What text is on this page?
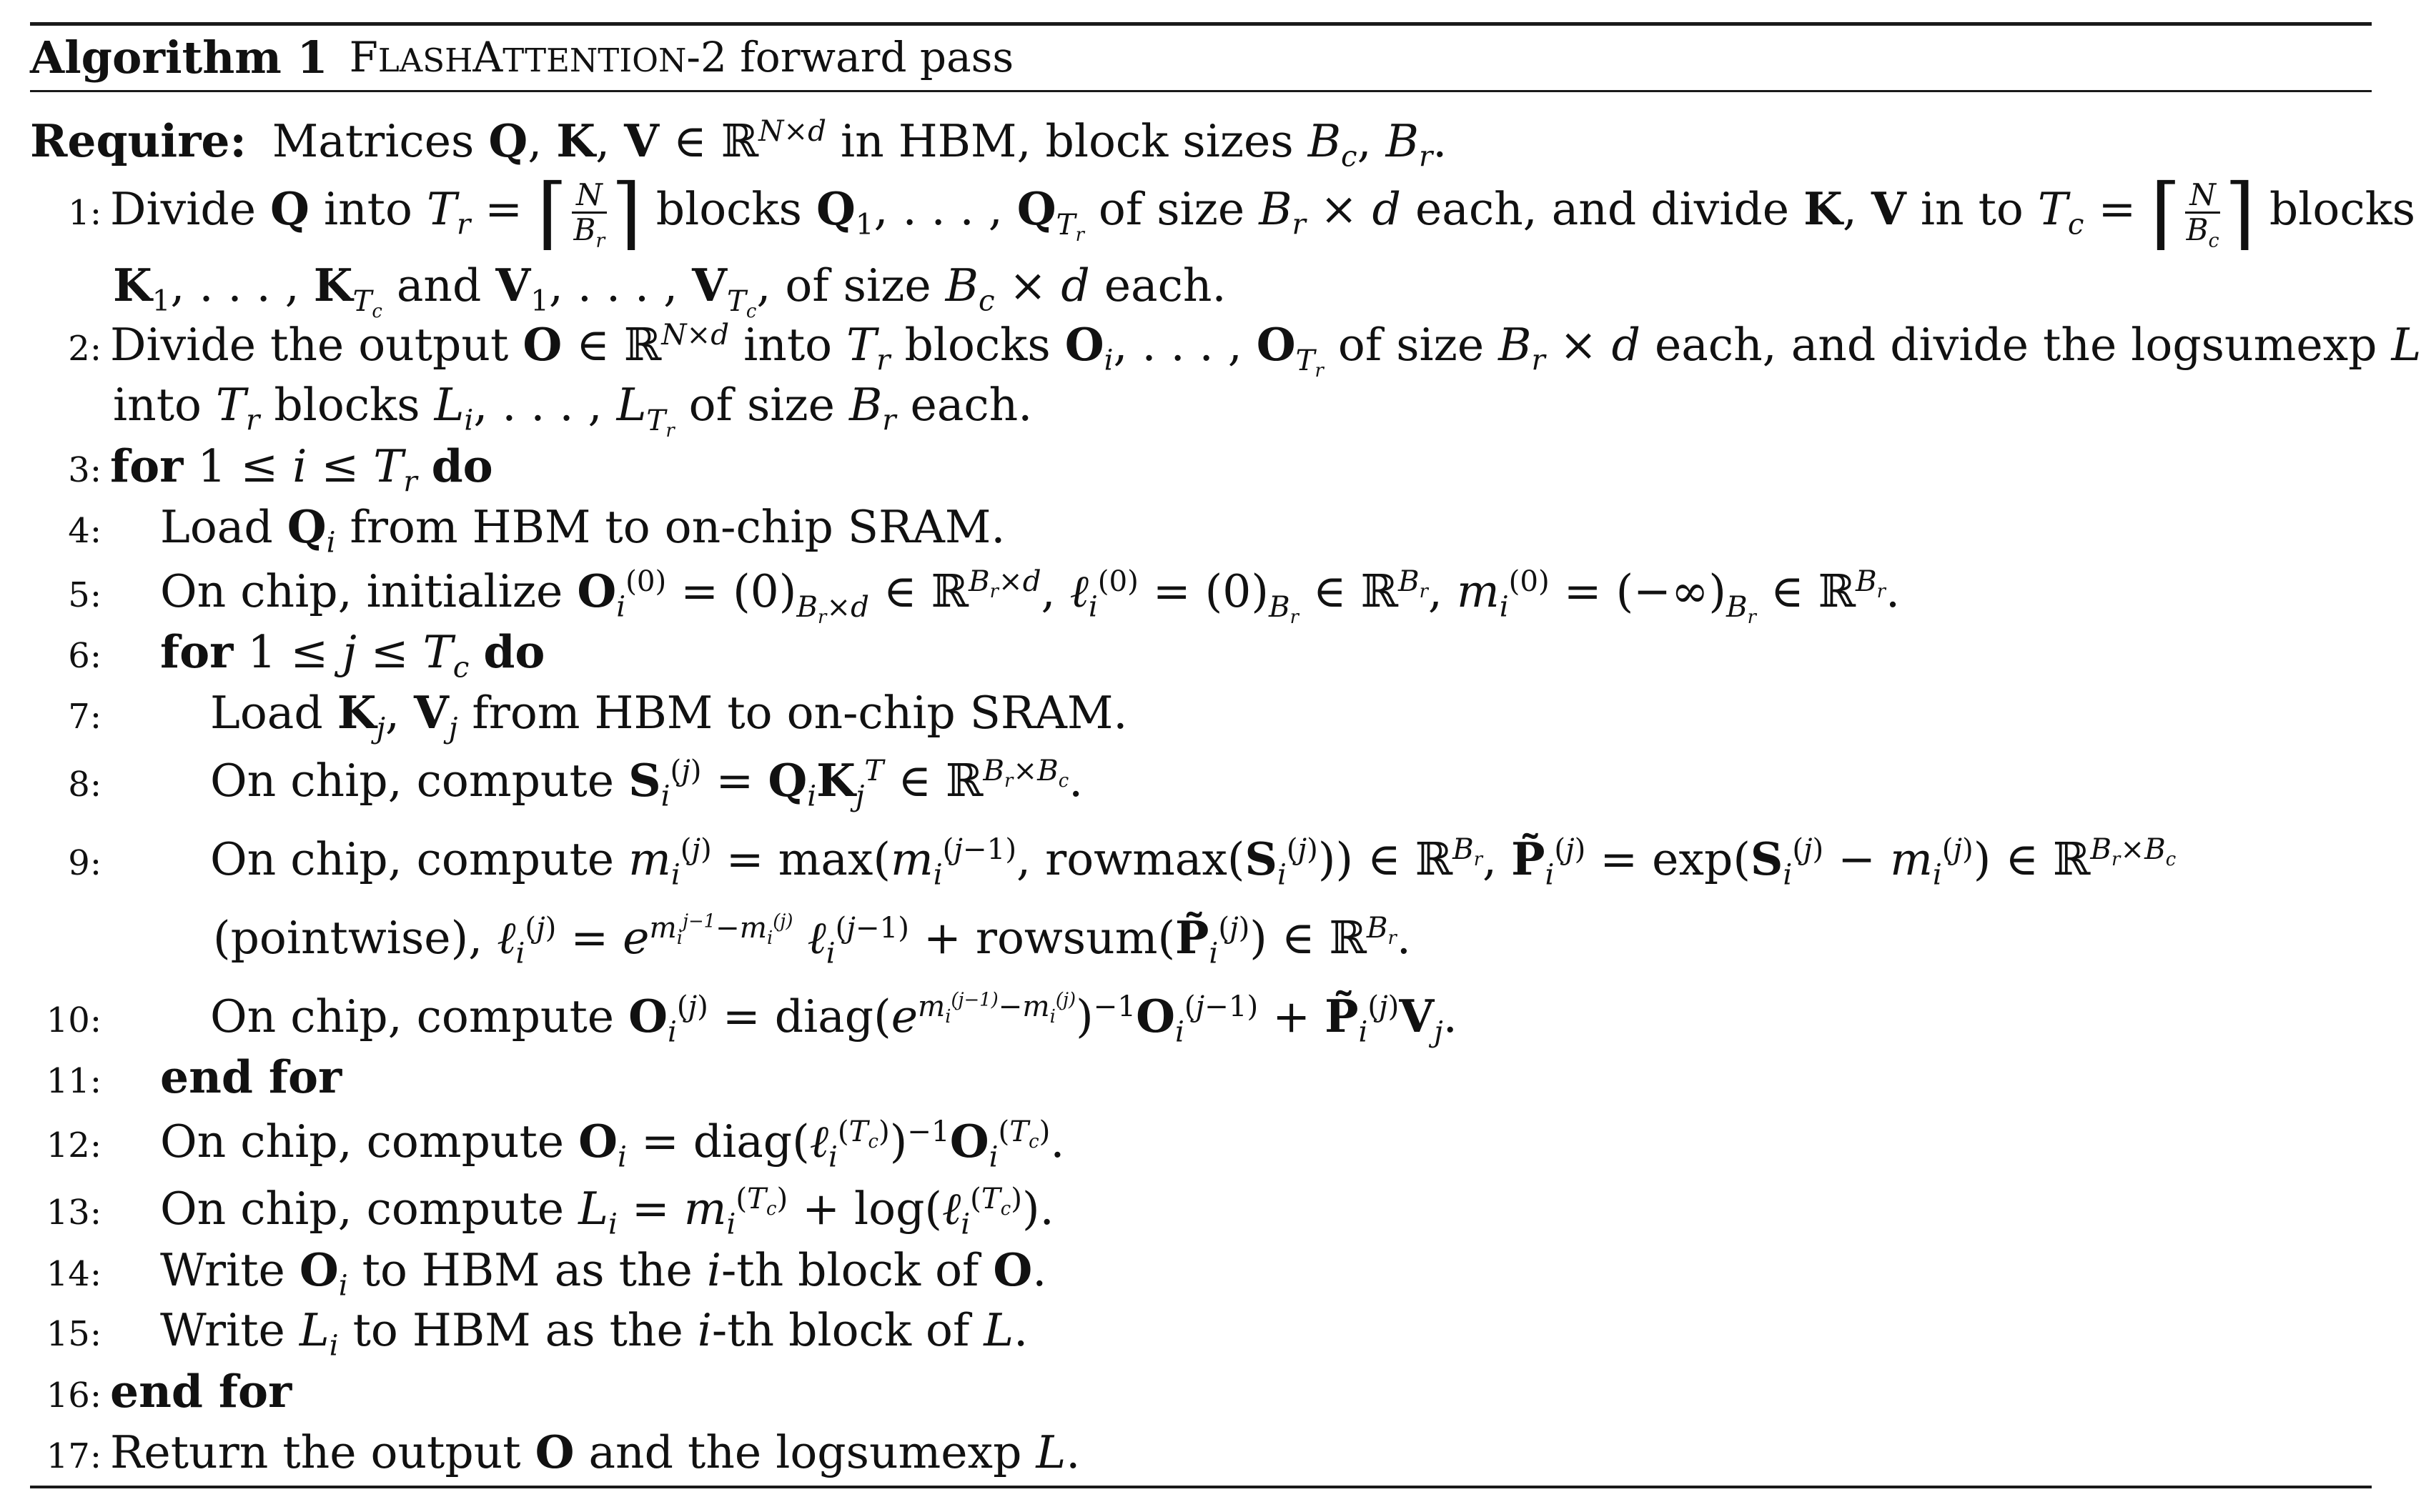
Algorithm 1 FLASHATTENTION-2 forward pass
Require: Matrices Q, K, V ∈ ℝ$^{N\times d}$ in HBM, block sizes $B_c$, $B_r$.
1: Divide Q into $T_r$ = ⌈ $\frac{N}{B_r}$ ⌉ blocks $Q_1$, . . . , $Q_{T_r}$ of size $B_r \times d$ each, and divide K, V in to $T_c$ = ⌈ $\frac{N}{B_c}$ ⌉ blocks
$K_1$, . . . , $K_{T_c}$ and $V_1$, . . . , $V_{T_c}$, of size $B_c \times d$ each.
2: Divide the output O ∈ ℝ$^{N\times d}$ into $T_r$ blocks $O_i$, . . . , $O_{T_r}$ of size $B_r \times d$ each, and divide the logsumexp L
into $T_r$ blocks $L_i$, . . . , $L_{T_r}$ of size $B_r$ each.
3: for $1 \le i \le T_r$ do
4:	Load $Q_i$ from HBM to on-chip SRAM.
5:	On chip, initialize $O_i^{(0)} = (0)_{B_r\times d}$ ∈ ℝ$^{B_r\times d}$, ℓ$_i^{(0)}$ = $(0)_{B_r}$ ∈ ℝ$^{B_r}$, $m_i^{(0)} = (-\infty)_{B_r}$ ∈ ℝ$^{B_r}$.
6:	for $1 \le j \le T_c$ do
7:	Load $K_j$, $V_j$ from HBM to on-chip SRAM.
8:	On chip, compute $S_i^{(j)} = Q_iK_j^T$ ∈ ℝ$^{B_r\times B_c}$.
9:	On chip, compute $m_i^{(j)} = \max(m_i^{(j-1)}$, $rowmax(S_i^{(j)})$) ∈ ℝ$^{B_r}$, $P̃_i^{(j)} = \exp(S_i^{(j)} - m_i^{(j)})$ ∈ ℝ$^{B_r\times B_c}$
(pointwise), ℓ$_i^{(j)}$ = $e^{m_i^{j-1}-m_i^{(j)}}$ ℓ$_i^{(j-1)}$ + $rowsum(P̃_i^{(j)})$ ∈ ℝ$^{B_r}$.
10:	On chip, compute $O_i^{(j)}$ = $diag(e^{m_i^{(j-1)}-m_i^{(j)}})^{-1}O_i^{(j-1)}$ + $P̃_i^{(j)}V_j$.
11:	end for
12:	On chip, compute $O_i$ = $diag(\ell_i^{(T_c)})^{-1}O_i^{(T_c)}$.
13:	On chip, compute $L_i = m_i^{(T_c)}$ + log(ℓ$_i^{(T_c)}$).
14:	Write $O_i$ to HBM as the i-th block of O.
15:	Write $L_i$ to HBM as the i-th block of L.
16: end for
17: Return the output O and the logsumexp L.
